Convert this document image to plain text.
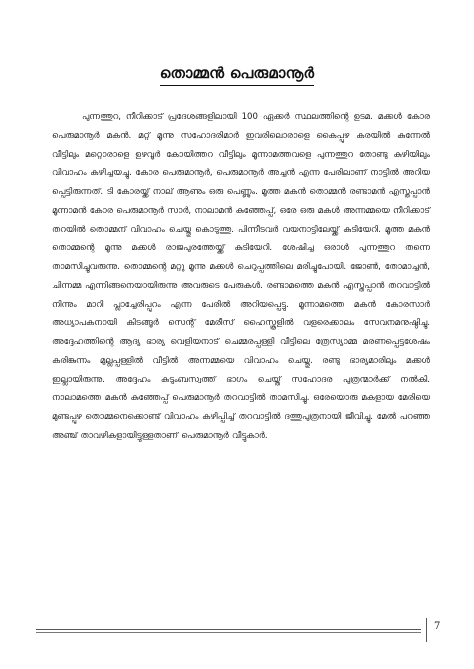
തൊമ്മൻ പെരുമാനൂർ

പുന്നത്തുറ, നീറിക്കാട് പ്രദേശങ്ങളിലായി 100 ഏക്കർ സ്ഥലത്തിന്റെ ഉടമ. മക്കൾ കോര പെരുമാനൂർ മകൻ. മറ്റ് മൂന്നു സഹോദരിമാർ ഇവരിലൊരാളെ കൈപ്പുഴ കരയിൽ കുന്നേൽ വീട്ടിലും മറ്റൊരാളെ ഉഴവൂർ കോയിത്തറ വീട്ടിലും മൂന്നാമത്തവളെ പുന്നത്തുറ തോണ്ടു കുഴിയിലും വിവാഹം കഴിച്ചയച്ചു. കോര പെരുമാനൂർ, പെരുമാനൂർ അച്ചൻ എന്ന പേരിലാണ് നാട്ടിൽ അറിയ പ്പെട്ടിരുന്നത്. ടി കോരയ്ക്ക് നാല് ആണും ഒരു പെണ്ണും. മൂത്ത മകൻ തൊമ്മൻ രണ്ടാമൻ എസ്തപ്പാൻ മൂന്നാമൻ കോര പെരുമാനൂർ സാർ, നാലാമൻ കുഞ്ഞേപ്പ്, ഒരേ ഒരു മകൾ അന്നമ്മയെ നീറിക്കാട് തറയിൽ തൊമ്മന് വിവാഹം ചെയ്തു കൊടുത്തു. പിന്നീടവർ വയനാട്ടിലേയ്ക്ക് കുടിയേറി. മൂത്ത മകൻ തൊമ്മന്റെ മൂന്നു മക്കൾ രാജപുരത്തേയ്ക്ക് കുടിയേറി. ശേഷിച്ച ഒരാൾ പുന്നത്തുറ തന്നെ താമസിച്ചുവരുന്നു. തൊമ്മന്റെ മറ്റു മൂന്നു മക്കൾ ചെറുപ്പത്തിലെ മരിച്ചുപോയി. ജോൺ, തോമാച്ചൻ, ചിന്നമ്മ എന്നിങ്ങനെയായിരുന്നു അവരുടെ പേരുകൾ. രണ്ടാമത്തെ മകൻ എസ്തപ്പാൻ തറവാട്ടിൽ നിന്നും മാറി പ്ലാച്ചേരിപ്പുറം എന്ന പേരിൽ അറിയപ്പെട്ടു. മൂന്നാമത്തെ മകൻ കോരസാർ അധ്യാപകനായി കിടങ്ങൂർ സെന്റ് മേരീസ് ഹൈസ്കൂളിൽ വളരെക്കാലം സേവനമനുഷ്ഠിച്ചു. അദ്ദേഹത്തിന്റെ ആദ്യ ഭാര്യ വെളിയനാട് ചെമ്മരപ്പള്ളി വീട്ടിലെ ത്രേസ്യാമ്മ മരണപ്പെട്ടശേഷം കരിങ്കുന്നം മുല്ലപ്പള്ളിൽ വീട്ടിൽ അന്നമ്മയെ വിവാഹം ചെയ്തു. രണ്ടു ഭാര്യമാരിലും മക്കൾ ഇല്ലായിരുന്നു. അദ്ദേഹം കുടുംബസ്വത്ത് ഭാഗം ചെയ്ത് സഹോദര പുത്രന്മാർക്ക് നൽകി. നാലാമത്തെ മകൻ കുഞ്ഞേപ്പ് പെരുമാനൂർ തറവാട്ടിൽ താമസിച്ചു. ഒരേയൊരു മകളായ മേരിയെ മുണ്ടപ്പുഴ തൊമ്മനെക്കൊണ്ട് വിവാഹം കഴിപ്പിച്ച് തറവാട്ടിൽ ദത്തുപുത്രനായി ജീവിച്ചു. മേൽ പറഞ്ഞ അഞ്ച് താവഴികളായിട്ടുള്ളതാണ് പെരുമാനൂർ വീട്ടുകാർ.

7
